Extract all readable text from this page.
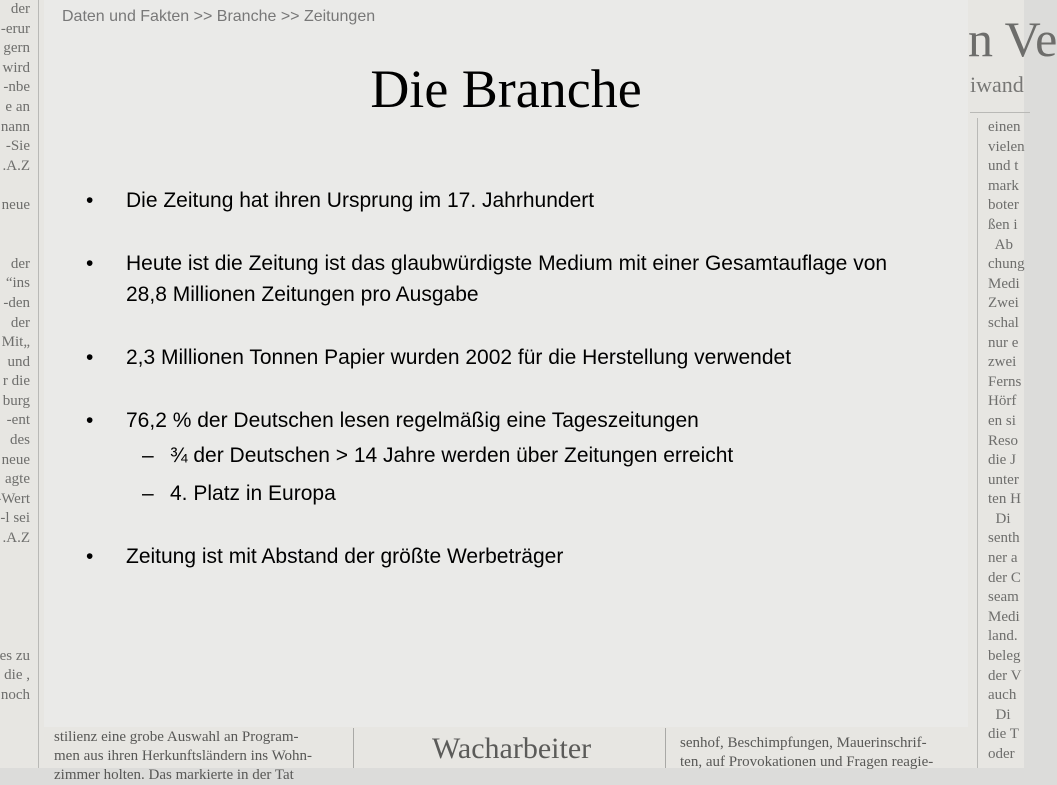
der
erur-
gern
wird
nbe-
e an
nann
Sie-
A.Z.

neue

der
ins“
den-
der
„Mit
und
r die
burg
ent-
des
neue
agte
Wert
l sei-
A.Z.

es zu
, die
noch
n Ve
iwand
einen
vielen
und t
mark
boter
ßen i
Ab
chung
Medi
Zwei
schal
nur e
zwei
Ferns
Hörf
en si
Reso
die J
unter
ten H
Di
senth
ner a
der C
seam
Medi
land.
beleg
der V
auch
Di
die T
oder
stilienz eine grobe Auswahl an Program-
men aus ihren Herkunftsländern ins Wohn-
zimmer holten. Das markierte in der Tat
Wacharbeiter	senhof, Beschimpfungen, Mauerinschrif-
ten, auf Provokationen und Fragen reagie-
Daten und Fakten >> Branche >> Zeitungen
Die Branche
• Die Zeitung hat ihren Ursprung im 17. Jahrhundert
• Heute ist die Zeitung ist das glaubwürdigste Medium mit einer Gesamtauflage von 28,8 Millionen Zeitungen pro Ausgabe
• 2,3 Millionen Tonnen Papier wurden 2002 für die Herstellung verwendet
• 76,2 % der Deutschen lesen regelmäßig eine Tageszeitungen
– ¾ der Deutschen > 14 Jahre werden über Zeitungen erreicht
– 4. Platz in Europa
• Zeitung ist mit Abstand der größte Werbeträger
